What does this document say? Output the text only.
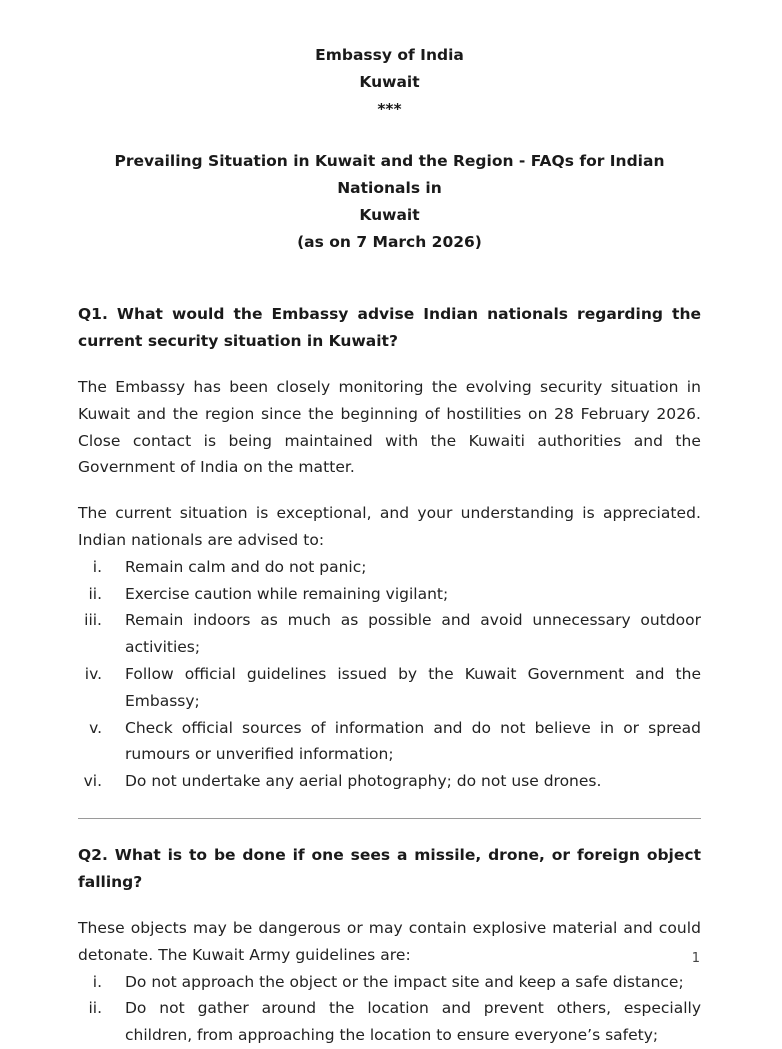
Embassy of India

Kuwait

***

Prevailing Situation in Kuwait and the Region - FAQs for Indian Nationals in
Kuwait
(as on 7 March 2026)

Q1. What would the Embassy advise Indian nationals regarding the current security situation in Kuwait?

The Embassy has been closely monitoring the evolving security situation in Kuwait and the region since the beginning of hostilities on 28 February 2026. Close contact is being maintained with the Kuwaiti authorities and the Government of India on the matter.

The current situation is exceptional, and your understanding is appreciated. Indian nationals are advised to:

i. Remain calm and do not panic;
ii. Exercise caution while remaining vigilant;
iii. Remain indoors as much as possible and avoid unnecessary outdoor activities;
iv. Follow official guidelines issued by the Kuwait Government and the Embassy;
v. Check official sources of information and do not believe in or spread rumours or unverified information;
vi. Do not undertake any aerial photography; do not use drones.

Q2. What is to be done if one sees a missile, drone, or foreign object falling?

These objects may be dangerous or may contain explosive material and could detonate. The Kuwait Army guidelines are:

i. Do not approach the object or the impact site and keep a safe distance;
ii. Do not gather around the location and prevent others, especially children, from approaching the location to ensure everyone’s safety;
1
